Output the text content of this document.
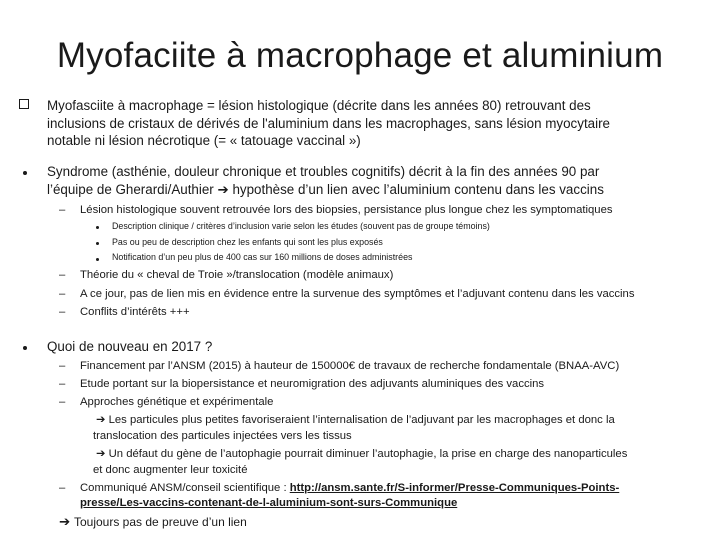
Myofaciite à macrophage et aluminium
Myofasciite à macrophage = lésion histologique (décrite dans les années 80) retrouvant des
inclusions de cristaux de dérivés de l'aluminium dans les macrophages, sans lésion myocytaire
notable ni lésion nécrotique (= « tatouage vaccinal »)
Syndrome (asthénie, douleur chronique et troubles cognitifs) décrit à la fin des années 90 par
l’équipe de Gherardi/Authier ➔ hypothèse d’un lien avec l’aluminium contenu dans les vaccins
– Lésion histologique souvent retrouvée lors des biopsies, persistance plus longue chez les symptomatiques
Description clinique / critères d’inclusion varie selon les études (souvent pas de groupe témoins)
Pas ou peu de description chez les enfants qui sont les plus exposés
Notification d’un peu plus de 400 cas sur 160 millions de doses administrées
– Théorie du « cheval de Troie »/translocation (modèle animaux)
– A ce jour, pas de lien mis en évidence entre la survenue des symptômes et l’adjuvant contenu dans les vaccins
– Conflits d’intérêts +++
Quoi de nouveau en 2017 ?
– Financement par l’ANSM (2015) à hauteur de 150000€ de travaux de recherche fondamentale (BNAA-AVC)
– Etude portant sur la biopersistance et neuromigration des adjuvants aluminiques des vaccins
– Approches génétique et expérimentale
➔ Les particules plus petites favoriseraient l’internalisation de l’adjuvant par les macrophages et donc la
translocation des particules injectées vers les tissus
➔ Un défaut du gène de l’autophagie pourrait diminuer l’autophagie, la prise en charge des nanoparticules
et donc augmenter leur toxicité
– Communiqué ANSM/conseil scientifique : http://ansm.sante.fr/S-informer/Presse-Communiques-Points-
presse/Les-vaccins-contenant-de-l-aluminium-sont-surs-Communique
➔ Toujours pas de preuve d’un lien
